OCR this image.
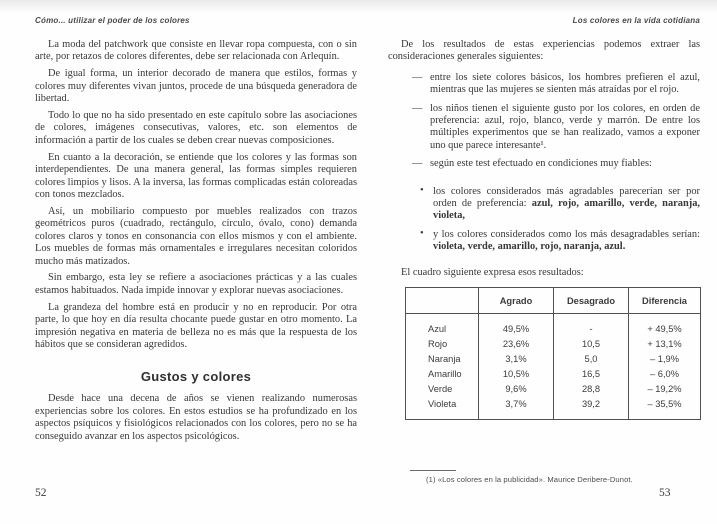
Cómo... utilizar el poder de los colores

La moda del patchwork que consiste en llevar ropa compuesta, con o sin arte, por retazos de colores diferentes, debe ser relacionada con Arlequín.

De igual forma, un interior decorado de manera que estilos, formas y colores muy diferentes vivan juntos, procede de una búsqueda generadora de libertad.

Todo lo que no ha sido presentado en este capítulo sobre las asociaciones de colores, imágenes consecutivas, valores, etc. son elementos de información a partir de los cuales se deben crear nuevas composiciones.

En cuanto a la decoración, se entiende que los colores y las formas son interdependientes. De una manera general, las formas simples requieren colores limpios y lisos. A la inversa, las formas complicadas están coloreadas con tonos mezclados.

Así, un mobiliario compuesto por muebles realizados con trazos geométricos puros (cuadrado, rectángulo, círculo, óvalo, cono) demanda colores claros y tonos en consonancia con ellos mismos y con el ambiente. Los muebles de formas más ornamentales e irregulares necesitan coloridos mucho más matizados.

Sin embargo, esta ley se refiere a asociaciones prácticas y a las cuales estamos habituados. Nada impide innovar y explorar nuevas asociaciones.

La grandeza del hombre está en producir y no en reproducir. Por otra parte, lo que hoy en día resulta chocante puede gustar en otro momento. La impresión negativa en materia de belleza no es más que la respuesta de los hábitos que se consideran agredidos.

Gustos y colores

Desde hace una decena de años se vienen realizando numerosas experiencias sobre los colores. En estos estudios se ha profundizado en los aspectos psíquicos y fisiológicos relacionados con los colores, pero no se ha conseguido avanzar en los aspectos psicológicos.

Los colores en la vida cotidiana

De los resultados de estas experiencias podemos extraer las consideraciones generales siguientes:

— entre los siete colores básicos, los hombres prefieren el azul, mientras que las mujeres se sienten más atraídas por el rojo.
— los niños tienen el siguiente gusto por los colores, en orden de preferencia: azul, rojo, blanco, verde y marrón. De entre los múltiples experimentos que se han realizado, vamos a exponer uno que parece interesante¹.
— según este test efectuado en condiciones muy fiables:
• los colores considerados más agradables parecerían ser por orden de preferencia: azul, rojo, amarillo, verde, naranja, violeta,
• y los colores considerados como los más desagradables serían: violeta, verde, amarillo, rojo, naranja, azul.

El cuadro siguiente expresa esos resultados:

	Agrado	Desagrado	Diferencia
Azul	49,5%	-	+ 49,5%
Rojo	23,6%	10,5	+ 13,1%
Naranja	3,1%	5,0	– 1,9%
Amarillo	10,5%	16,5	– 6,0%
Verde	9,6%	28,8	– 19,2%
Violeta	3,7%	39,2	– 35,5%
(1) «Los colores en la publicidad». Maurice Deribere-Dunot.
52	53
